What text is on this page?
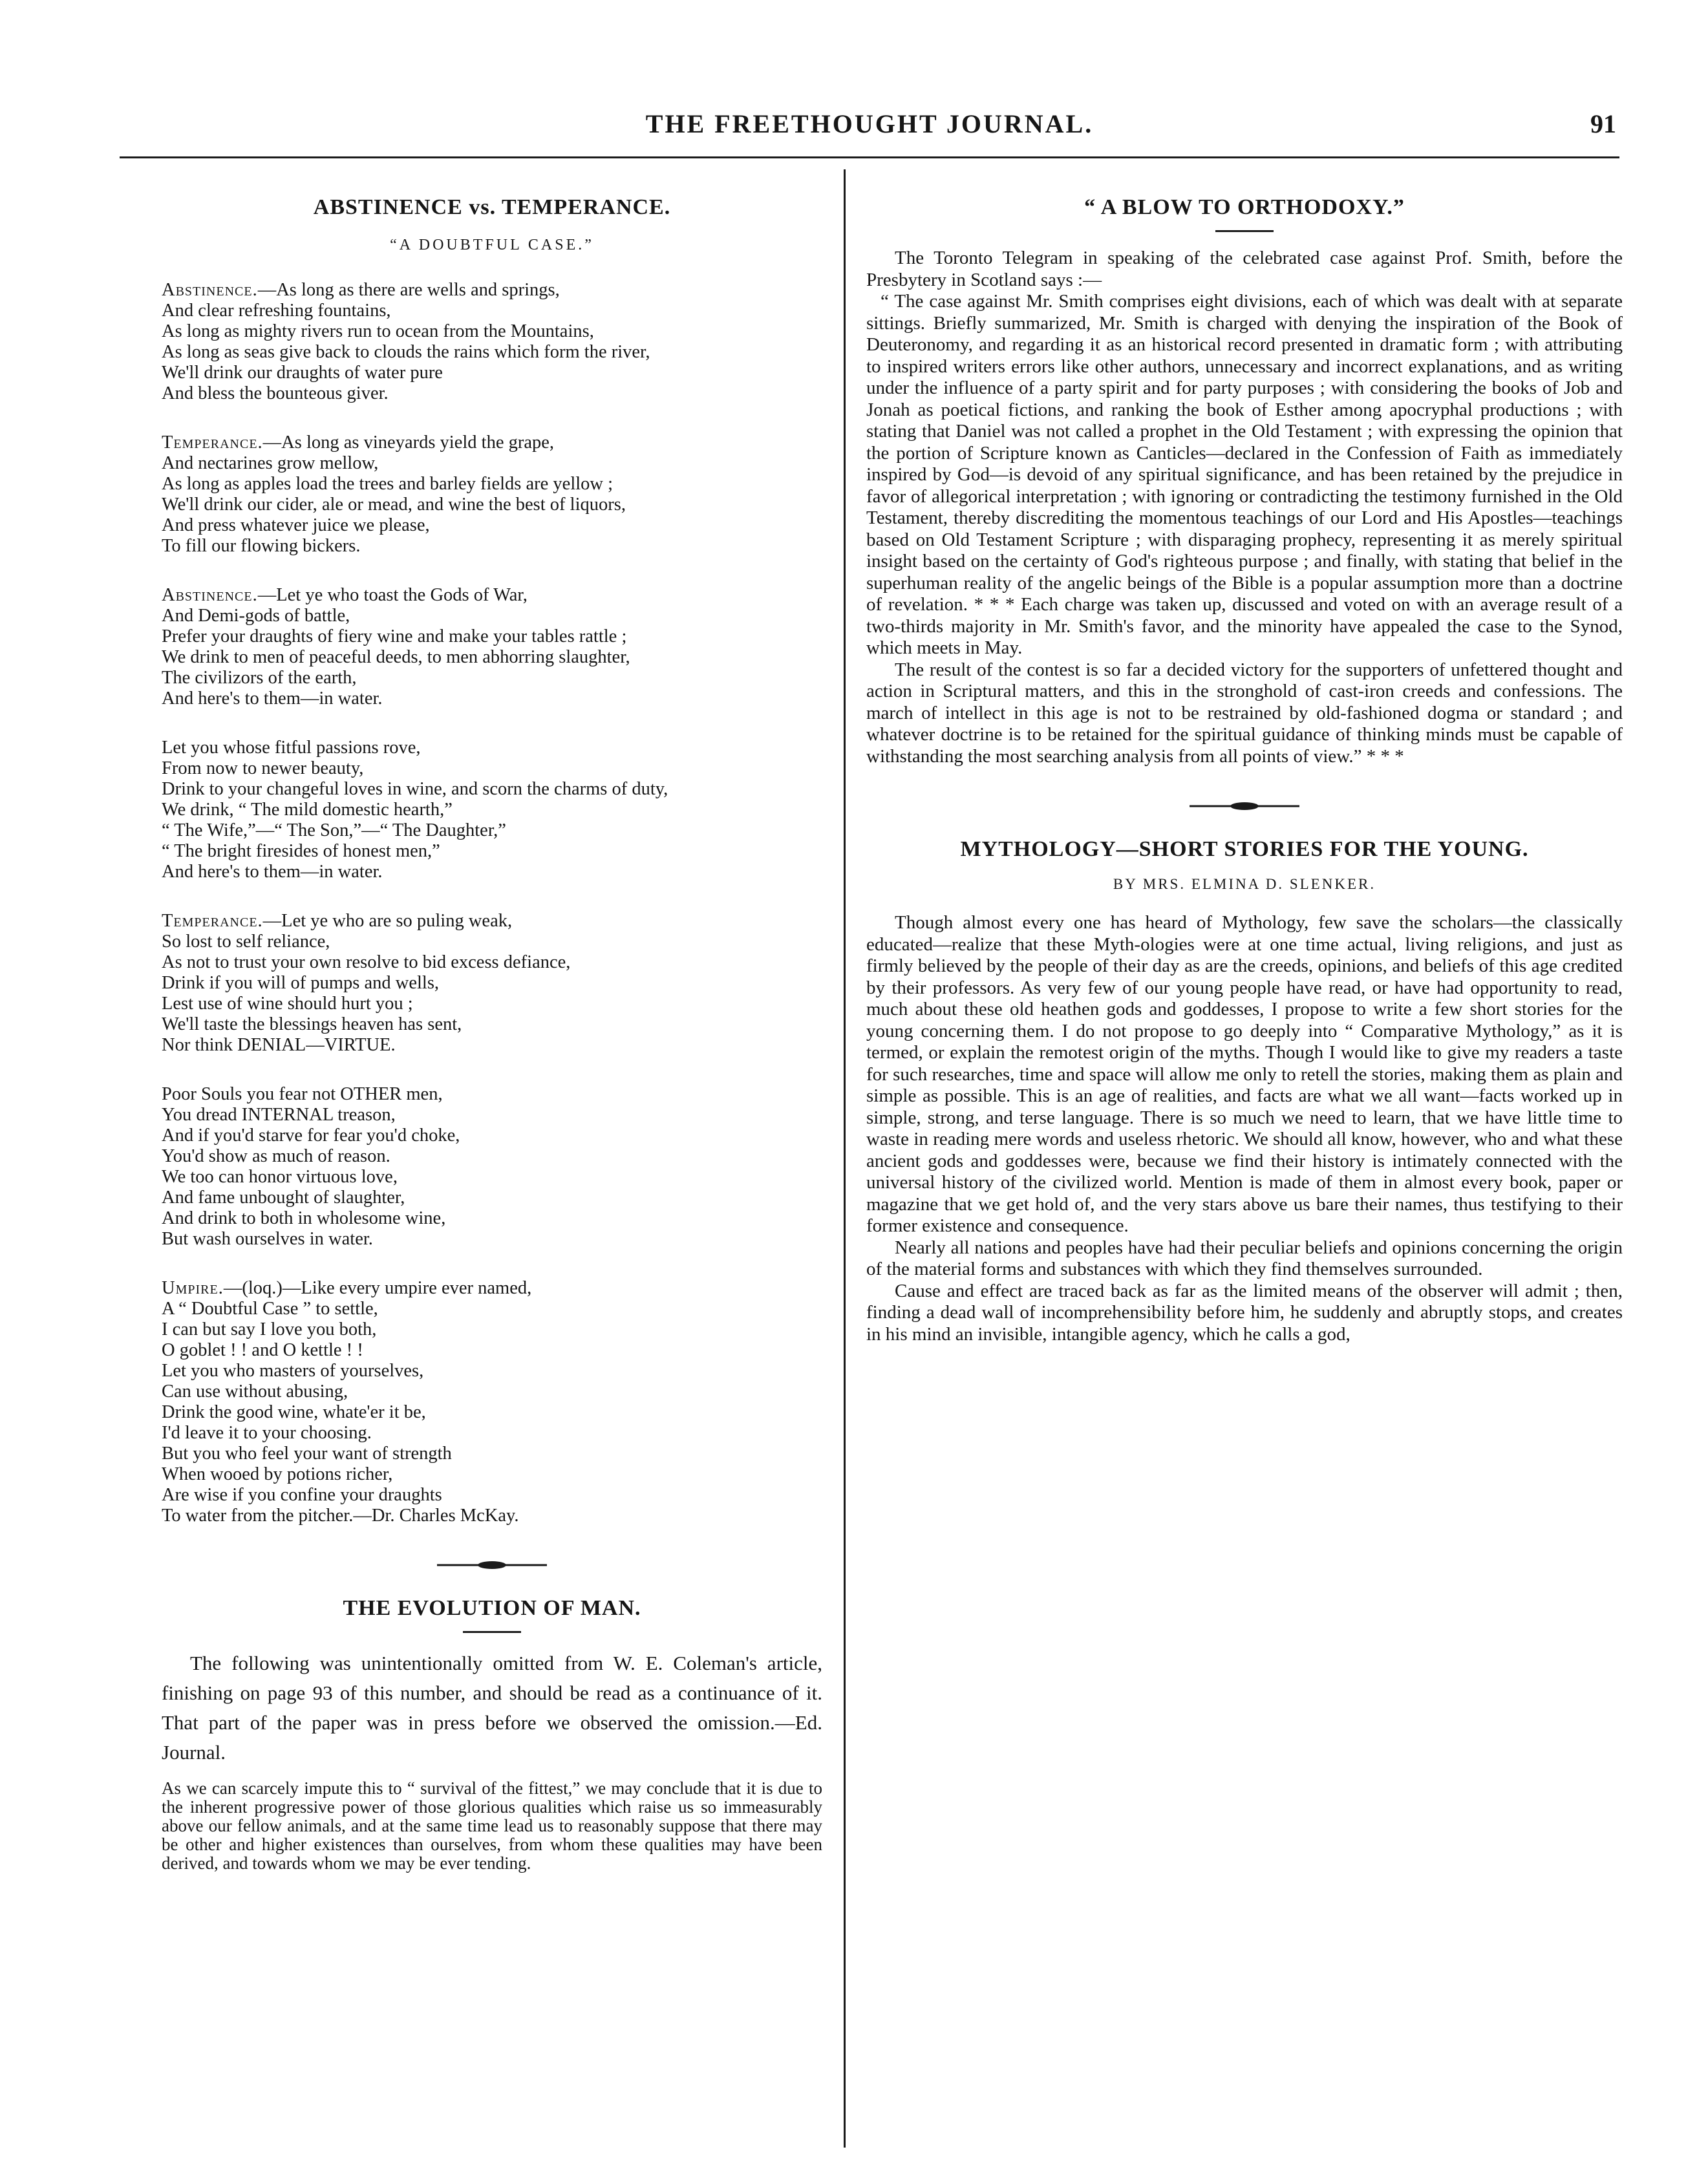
THE FREETHOUGHT JOURNAL.	91
ABSTINENCE vs. TEMPERANCE.
“A DOUBTFUL CASE.”
Abstinence.—As long as there are wells and springs,
And clear refreshing fountains,
As long as mighty rivers run to ocean from the Mountains,
As long as seas give back to clouds the rains which form the river,
We'll drink our draughts of water pure
And bless the bounteous giver.
Temperance.—As long as vineyards yield the grape,
And nectarines grow mellow,
As long as apples load the trees and barley fields are yellow ;
We'll drink our cider, ale or mead, and wine the best of liquors,
And press whatever juice we please,
To fill our flowing bickers.
Abstinence.—Let ye who toast the Gods of War,
And Demi-gods of battle,
Prefer your draughts of fiery wine and make your tables rattle ;
We drink to men of peaceful deeds, to men abhorring slaughter,
The civilizors of the earth,
And here's to them—in water.
Let you whose fitful passions rove,
From now to newer beauty,
Drink to your changeful loves in wine, and scorn the charms of duty,
We drink, “ The mild domestic hearth,”
“ The Wife,”—“ The Son,”—“ The Daughter,”
“ The bright firesides of honest men,”
And here's to them—in water.
Temperance.—Let ye who are so puling weak,
So lost to self reliance,
As not to trust your own resolve to bid excess defiance,
Drink if you will of pumps and wells,
Lest use of wine should hurt you ;
We'll taste the blessings heaven has sent,
Nor think DENIAL—VIRTUE.
Poor Souls you fear not OTHER men,
You dread INTERNAL treason,
And if you'd starve for fear you'd choke,
You'd show as much of reason.
We too can honor virtuous love,
And fame unbought of slaughter,
And drink to both in wholesome wine,
But wash ourselves in water.
Umpire.—(loq.)—Like every umpire ever named,
A “ Doubtful Case ” to settle,
I can but say I love you both,
O goblet ! ! and O kettle ! !
Let you who masters of yourselves,
Can use without abusing,
Drink the good wine, whate'er it be,
I'd leave it to your choosing.
But you who feel your want of strength
When wooed by potions richer,
Are wise if you confine your draughts
To water from the pitcher.—Dr. Charles McKay.
THE EVOLUTION OF MAN.

The following was unintentionally omitted from W. E. Coleman's article, finishing on page 93 of this number, and should be read as a continuance of it. That part of the paper was in press before we observed the omission.—Ed. Journal.

As we can scarcely impute this to “ survival of the fittest,” we may conclude that it is due to the inherent progressive power of those glorious qualities which raise us so immeasurably above our fellow animals, and at the same time lead us to reasonably suppose that there may be other and higher existences than ourselves, from whom these qualities may have been derived, and towards whom we may be ever tending.

“ A BLOW TO ORTHODOXY.”

The Toronto Telegram in speaking of the celebrated case against Prof. Smith, before the Presbytery in Scotland says :—

“ The case against Mr. Smith comprises eight divisions, each of which was dealt with at separate sittings. Briefly summarized, Mr. Smith is charged with denying the inspiration of the Book of Deuteronomy, and regarding it as an historical record presented in dramatic form ; with attributing to inspired writers errors like other authors, unnecessary and incorrect explanations, and as writing under the influence of a party spirit and for party purposes ; with considering the books of Job and Jonah as poetical fictions, and ranking the book of Esther among apocryphal productions ; with stating that Daniel was not called a prophet in the Old Testament ; with expressing the opinion that the portion of Scripture known as Canticles—declared in the Confession of Faith as immediately inspired by God—is devoid of any spiritual significance, and has been retained by the prejudice in favor of allegorical interpretation ; with ignoring or contradicting the testimony furnished in the Old Testament, thereby discrediting the momentous teachings of our Lord and His Apostles—teachings based on Old Testament Scripture ; with disparaging prophecy, representing it as merely spiritual insight based on the certainty of God's righteous purpose ; and finally, with stating that belief in the superhuman reality of the angelic beings of the Bible is a popular assumption more than a doctrine of revelation. * * * Each charge was taken up, discussed and voted on with an average result of a two-thirds majority in Mr. Smith's favor, and the minority have appealed the case to the Synod, which meets in May.

The result of the contest is so far a decided victory for the supporters of unfettered thought and action in Scriptural matters, and this in the stronghold of cast-iron creeds and confessions. The march of intellect in this age is not to be restrained by old-fashioned dogma or standard ; and whatever doctrine is to be retained for the spiritual guidance of thinking minds must be capable of withstanding the most searching analysis from all points of view.” * * *

MYTHOLOGY—SHORT STORIES FOR THE YOUNG.
BY MRS. ELMINA D. SLENKER.

Though almost every one has heard of Mythology, few save the scholars—the classically educated—realize that these Myth-ologies were at one time actual, living religions, and just as firmly believed by the people of their day as are the creeds, opinions, and beliefs of this age credited by their professors. As very few of our young people have read, or have had opportunity to read, much about these old heathen gods and goddesses, I propose to write a few short stories for the young concerning them. I do not propose to go deeply into “ Comparative Mythology,” as it is termed, or explain the remotest origin of the myths. Though I would like to give my readers a taste for such researches, time and space will allow me only to retell the stories, making them as plain and simple as possible. This is an age of realities, and facts are what we all want—facts worked up in simple, strong, and terse language. There is so much we need to learn, that we have little time to waste in reading mere words and useless rhetoric. We should all know, however, who and what these ancient gods and goddesses were, because we find their history is intimately connected with the universal history of the civilized world. Mention is made of them in almost every book, paper or magazine that we get hold of, and the very stars above us bare their names, thus testifying to their former existence and consequence.

Nearly all nations and peoples have had their peculiar beliefs and opinions concerning the origin of the material forms and substances with which they find themselves surrounded.

Cause and effect are traced back as far as the limited means of the observer will admit ; then, finding a dead wall of incomprehensibility before him, he suddenly and abruptly stops, and creates in his mind an invisible, intangible agency, which he calls a god,
